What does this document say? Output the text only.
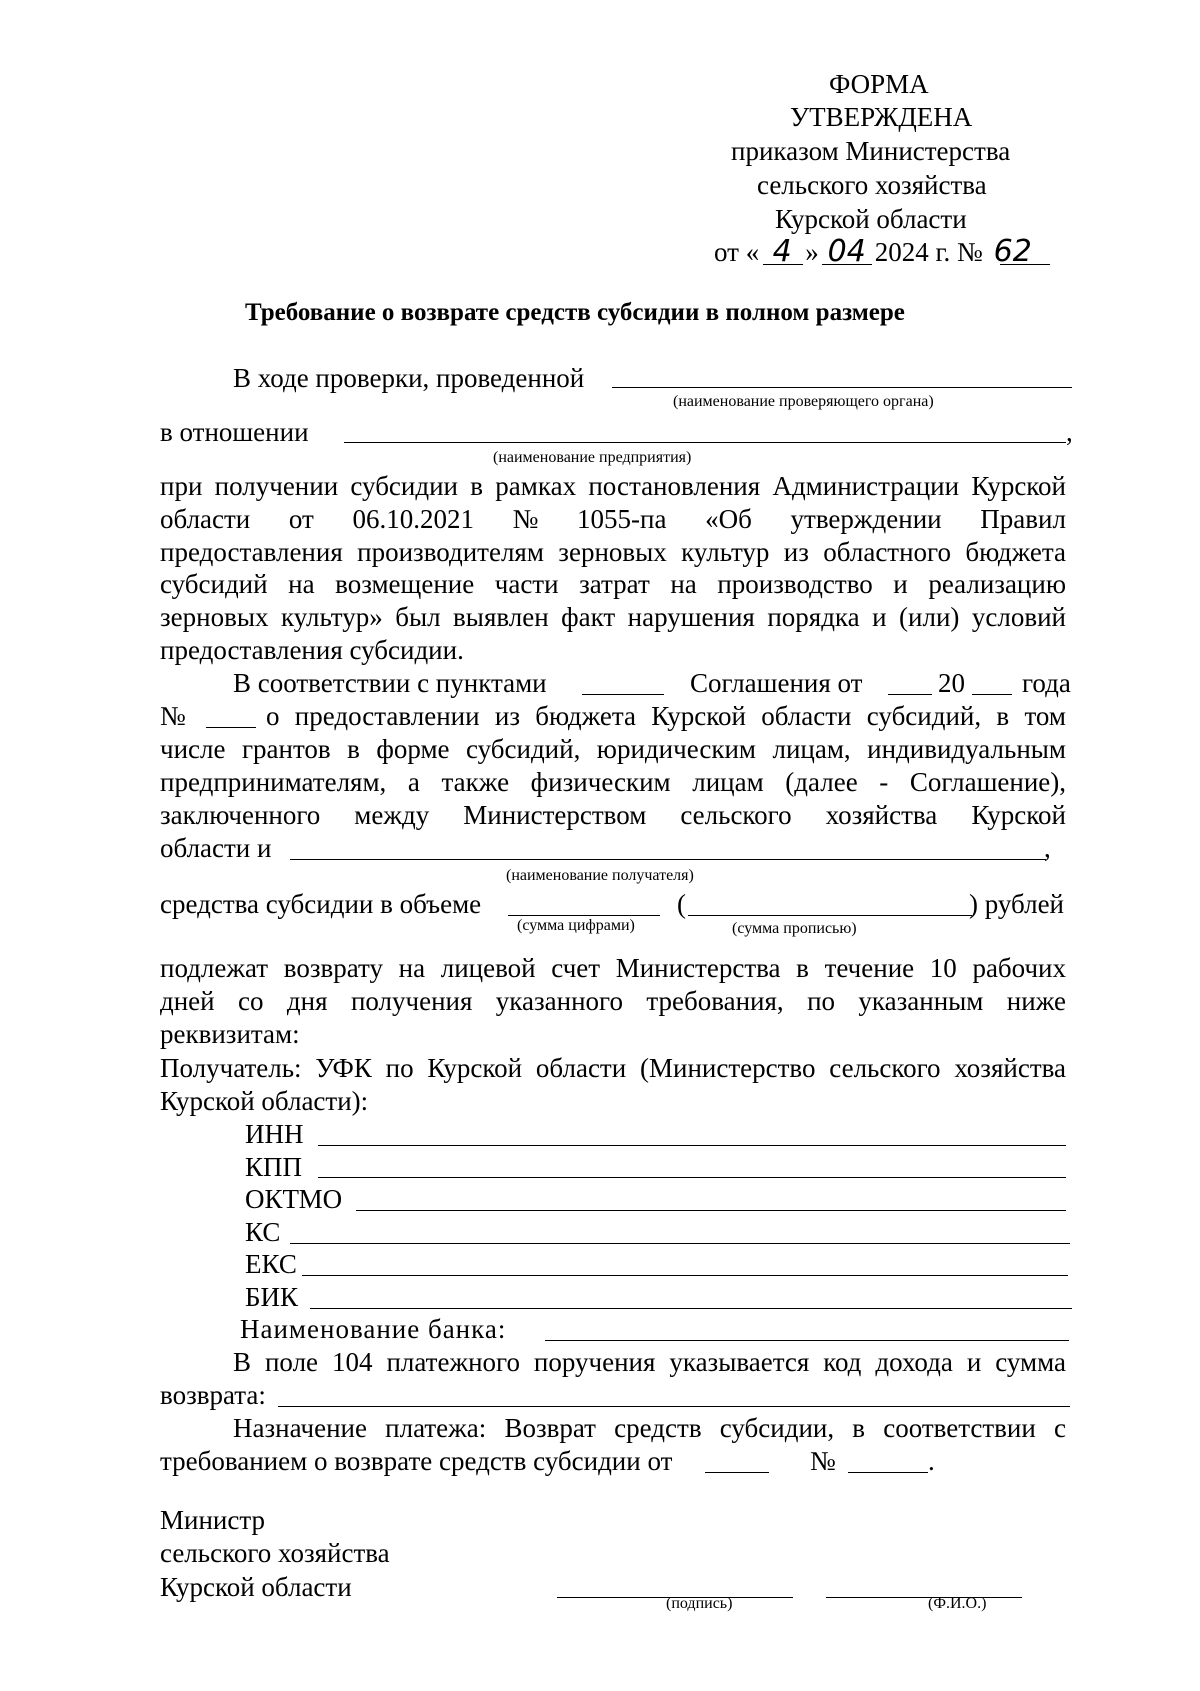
ФОРМА
УТВЕРЖДЕНА
приказом Министерства
сельского хозяйства
Курской области
от « 4 » 04 2024 г. № 62
Требование о возврате средств субсидии в полном размере
В ходе проверки, проведенной
(наименование проверяющего органа)
в отношении	,
(наименование предприятия)
при получении субсидии в рамках постановления Администрации Курской
области от 06.10.2021 № 1055-па «Об утверждении Правил
предоставления производителям зерновых культур из областного бюджета
субсидий на возмещение части затрат на производство и реализацию
зерновых культур» был выявлен факт нарушения порядка и (или) условий
предоставления субсидии.
В соответствии с пунктами	Соглашения от	20 года
№	о предоставлении из бюджета Курской области субсидий, в том
числе грантов в форме субсидий, юридическим лицам, индивидуальным
предпринимателям, а также физическим лицам (далее - Соглашение),
заключенного между Министерством сельского хозяйства Курской
области и	,
(наименование получателя)
средства субсидии в объеме	(	) рублей
(сумма цифрами)	(сумма прописью)
подлежат возврату на лицевой счет Министерства в течение 10 рабочих
дней со дня получения указанного требования, по указанным ниже
реквизитам:
Получатель: УФК по Курской области (Министерство сельского хозяйства
Курской области):
ИНН
КПП
ОКТМО
КС
ЕКС
БИК
Наименование банка:
В поле 104 платежного поручения указывается код дохода и сумма
возврата:
Назначение платежа: Возврат средств субсидии, в соответствии с
требованием о возврате средств субсидии от	№	.
Министр
сельского хозяйства
Курской области
(подпись)	(Ф.И.О.)
